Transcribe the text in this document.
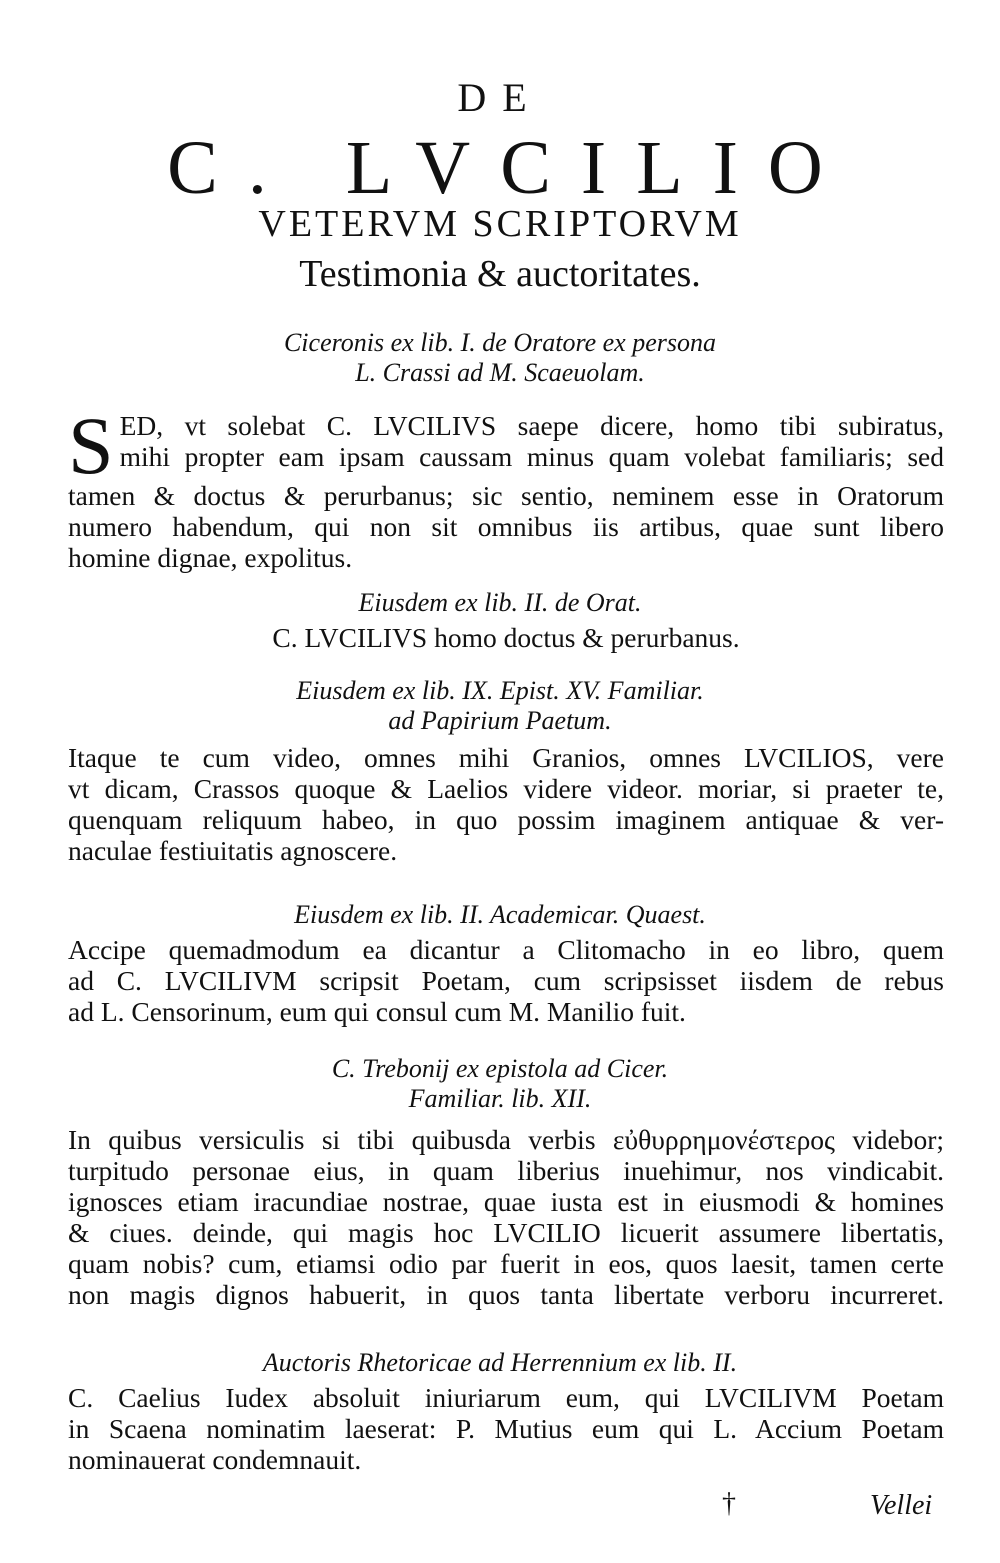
DE
C. LVCILIO
VETERVM SCRIPTORVM
Testimonia & auctoritates.
Ciceronis ex lib. I. de Oratore ex persona
L. Crassi ad M. Scaeuolam.
S ED, vt solebat C. LVCILIVS saepe dicere, homo tibi subiratus,
mihi propter eam ipsam caussam minus quam volebat familiaris; sed
tamen & doctus & perurbanus; sic sentio, neminem esse in Oratorum
numero habendum, qui non sit omnibus iis artibus, quae sunt libero
homine dignae, expolitus.
Eiusdem ex lib. II. de Orat.
C. LVCILIVS homo doctus & perurbanus.
Eiusdem ex lib. IX. Epist. XV. Familiar.
ad Papirium Paetum.
Itaque te cum video, omnes mihi Granios, omnes LVCILIOS, vere
vt dicam, Crassos quoque & Laelios videre videor. moriar, si praeter te,
quenquam reliquum habeo, in quo possim imaginem antiquae & ver-
naculae festiuitatis agnoscere.
Eiusdem ex lib. II. Academicar. Quaest.
Accipe quemadmodum ea dicantur a Clitomacho in eo libro, quem
ad C. LVCILIVM scripsit Poetam, cum scripsisset iisdem de rebus
ad L. Censorinum, eum qui consul cum M. Manilio fuit.
C. Trebonij ex epistola ad Cicer.
Familiar. lib. XII.
In quibus versiculis si tibi quibusda verbis εὐθυρρημονέστερος videbor;
turpitudo personae eius, in quam liberius inuehimur, nos vindicabit.
ignosces etiam iracundiae nostrae, quae iusta est in eiusmodi & homines
& ciues. deinde, qui magis hoc LVCILIO licuerit assumere libertatis,
quam nobis? cum, etiamsi odio par fuerit in eos, quos laesit, tamen certe
non magis dignos habuerit, in quos tanta libertate verboru incurreret.
Auctoris Rhetoricae ad Herrennium ex lib. II.
C. Caelius Iudex absoluit iniuriarum eum, qui LVCILIVM Poetam
in Scaena nominatim laeserat: P. Mutius eum qui L. Accium Poetam
nominauerat condemnauit.
†	Vellei
